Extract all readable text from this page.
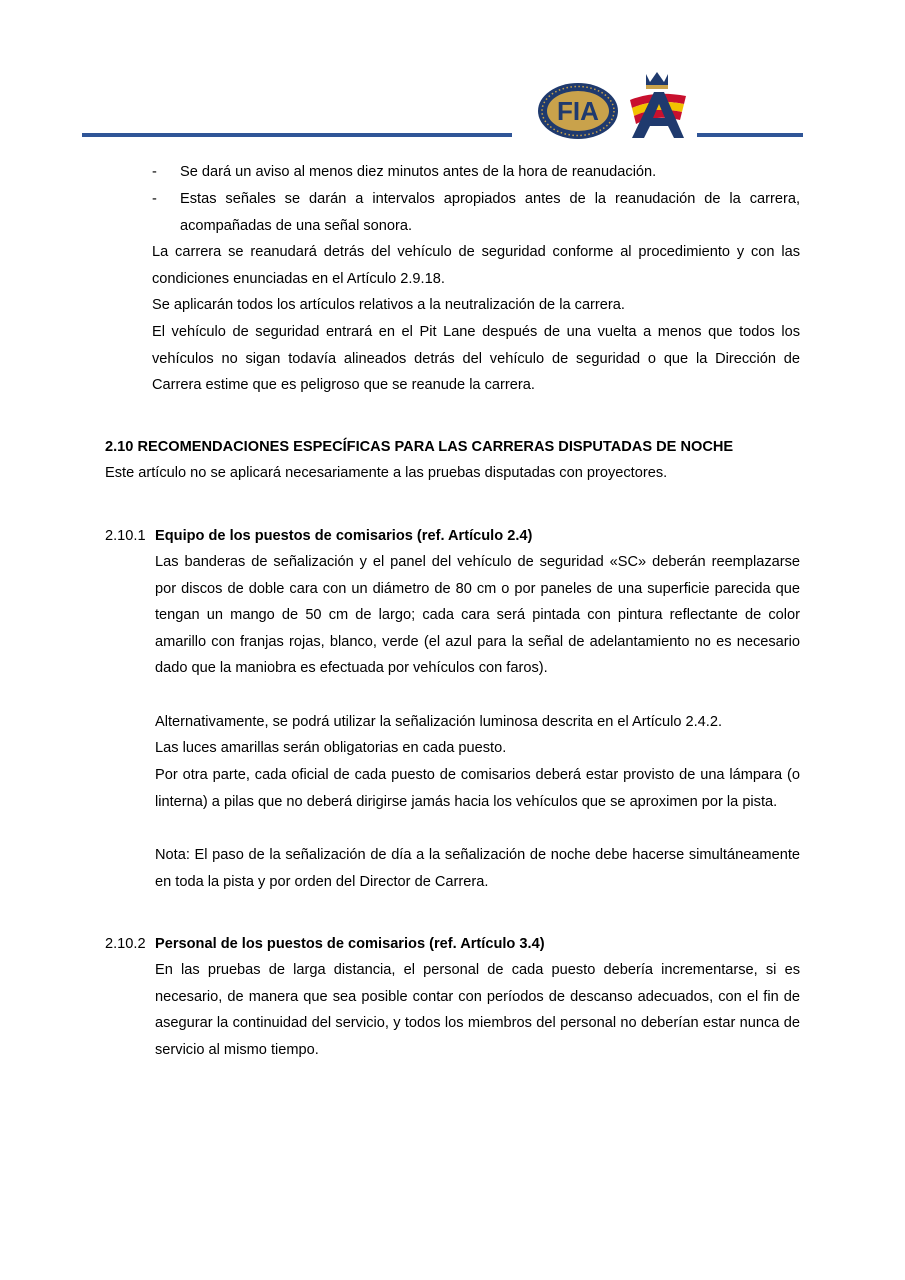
FIA
A
- Se dará un aviso al menos diez minutos antes de la hora de reanudación.
- Estas señales se darán a intervalos apropiados antes de la reanudación de la carrera, acompañadas de una señal sonora.
La carrera se reanudará detrás del vehículo de seguridad conforme al procedimiento y con las condiciones enunciadas en el Artículo 2.9.18.
Se aplicarán todos los artículos relativos a la neutralización de la carrera.
El vehículo de seguridad entrará en el Pit Lane después de una vuelta a menos que todos los vehículos no sigan todavía alineados detrás del vehículo de seguridad o que la Dirección de Carrera estime que es peligroso que se reanude la carrera.
2.10 RECOMENDACIONES ESPECÍFICAS PARA LAS CARRERAS DISPUTADAS DE NOCHE
Este artículo no se aplicará necesariamente a las pruebas disputadas con proyectores.
2.10.1 Equipo de los puestos de comisarios (ref. Artículo 2.4)
Las banderas de señalización y el panel del vehículo de seguridad «SC» deberán reemplazarse por discos de doble cara con un diámetro de 80 cm o por paneles de una superficie parecida que tengan un mango de 50 cm de largo; cada cara será pintada con pintura reflectante de color amarillo con franjas rojas, blanco, verde (el azul para la señal de adelantamiento no es necesario dado que la maniobra es efectuada por vehículos con faros).
Alternativamente, se podrá utilizar la señalización luminosa descrita en el Artículo 2.4.2.
Las luces amarillas serán obligatorias en cada puesto.
Por otra parte, cada oficial de cada puesto de comisarios deberá estar provisto de una lámpara (o linterna) a pilas que no deberá dirigirse jamás hacia los vehículos que se aproximen por la pista.
Nota: El paso de la señalización de día a la señalización de noche debe hacerse simultáneamente en toda la pista y por orden del Director de Carrera.
2.10.2 Personal de los puestos de comisarios (ref. Artículo 3.4)
En las pruebas de larga distancia, el personal de cada puesto debería incrementarse, si es necesario, de manera que sea posible contar con períodos de descanso adecuados, con el fin de asegurar la continuidad del servicio, y todos los miembros del personal no deberían estar nunca de servicio al mismo tiempo.
